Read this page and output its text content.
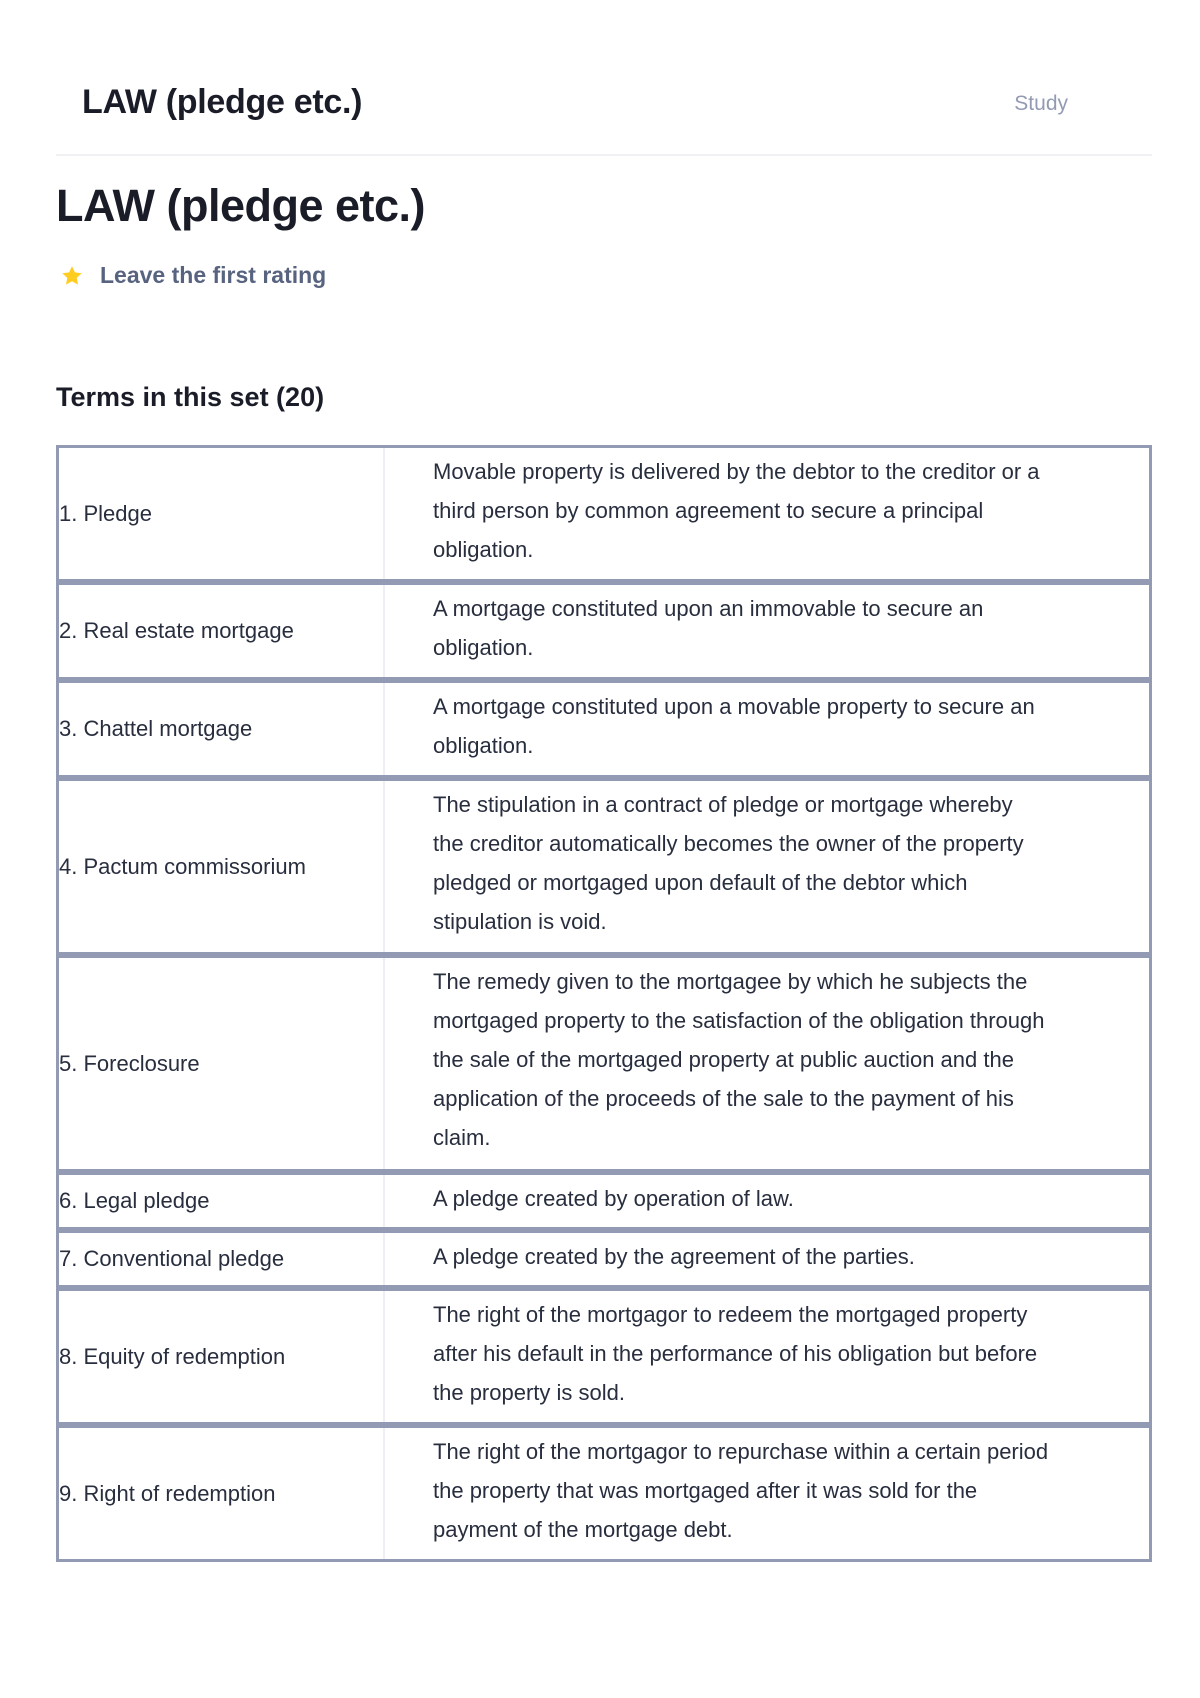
LAW (pledge etc.)	Study
LAW (pledge etc.)
Leave the first rating
Terms in this set (20)
1. Pledge
Movable property is delivered by the debtor to the creditor or a third person by common agreement to secure a principal obligation.
2. Real estate mortgage
A mortgage constituted upon an immovable to secure an obligation.
3. Chattel mortgage
A mortgage constituted upon a movable property to secure an obligation.
4. Pactum commissorium
The stipulation in a contract of pledge or mortgage whereby the creditor automatically becomes the owner of the property pledged or mortgaged upon default of the debtor which stipulation is void.
5. Foreclosure
The remedy given to the mortgagee by which he subjects the mortgaged property to the satisfaction of the obligation through the sale of the mortgaged property at public auction and the application of the proceeds of the sale to the payment of his claim.
6. Legal pledge	A pledge created by operation of law.
7. Conventional pledge	A pledge created by the agreement of the parties.
8. Equity of redemption
The right of the mortgagor to redeem the mortgaged property after his default in the performance of his obligation but before the property is sold.
9. Right of redemption
The right of the mortgagor to repurchase within a certain period the property that was mortgaged after it was sold for the payment of the mortgage debt.
